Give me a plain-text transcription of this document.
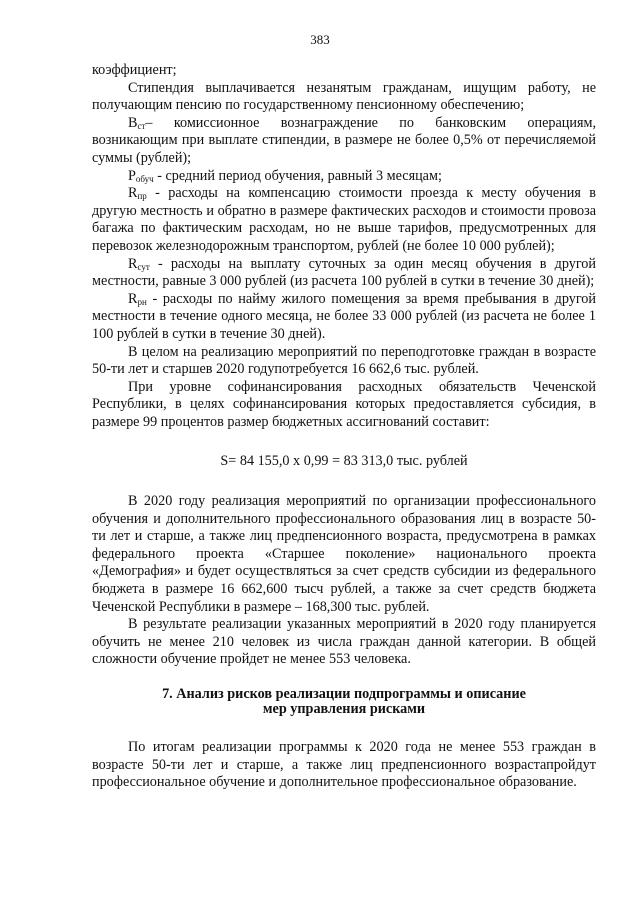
383

коэффициент;

Стипендия выплачивается незанятым гражданам, ищущим работу, не получающим пенсию по государственному пенсионному обеспечению;

$В_{ст}-$ комиссионное вознаграждение по банковским операциям, возникающим при выплате стипендии, в размере не более 0,5% от перечисляемой суммы (рублей);

$Р_{обуч}$ - средний период обучения, равный 3 месяцам;

$R_{пр}$ - расходы на компенсацию стоимости проезда к месту обучения в другую местность и обратно в размере фактических расходов и стоимости провоза багажа по фактическим расходам, но не выше тарифов, предусмотренных для перевозок железнодорожным транспортом, рублей (не более 10 000 рублей);

$R_{сут}$ - расходы на выплату суточных за один месяц обучения в другой местности, равные 3 000 рублей (из расчета 100 рублей в сутки в течение 30 дней);

$R_{рн}$ - расходы по найму жилого помещения за время пребывания в другой местности в течение одного месяца, не более 33 000 рублей (из расчета не более 1 100 рублей в сутки в течение 30 дней).

В целом на реализацию мероприятий по переподготовке граждан в возрасте 50-ти лет и старшев 2020 годупотребуется 16 662,6 тыс. рублей.

При уровне софинансирования расходных обязательств Чеченской Республики, в целях софинансирования которых предоставляется субсидия, в размере 99 процентов размер бюджетных ассигнований составит:

S= 84 155,0 х 0,99 = 83 313,0 тыс. рублей

В 2020 году реализация мероприятий по организации профессионального обучения и дополнительного профессионального образования лиц в возрасте 50-ти лет и старше, а также лиц предпенсионного возраста, предусмотрена в рамках федерального проекта «Старшее поколение» национального проекта «Демография» и будет осуществляться за счет средств субсидии из федерального бюджета в размере 16 662,600 тысч рублей, а также за счет средств бюджета Чеченской Республики в размере – 168,300 тыс. рублей.

В результате реализации указанных мероприятий в 2020 году планируется обучить не менее 210 человек из числа граждан данной категории. В общей сложности обучение пройдет не менее 553 человека.

7. Анализ рисков реализации подпрограммы и описание
мер управления рисками

По итогам реализации программы к 2020 года не менее 553 граждан в возрасте 50-ти лет и старше, а также лиц предпенсионного возрастапройдут профессиональное обучение и дополнительное профессиональное образование.
